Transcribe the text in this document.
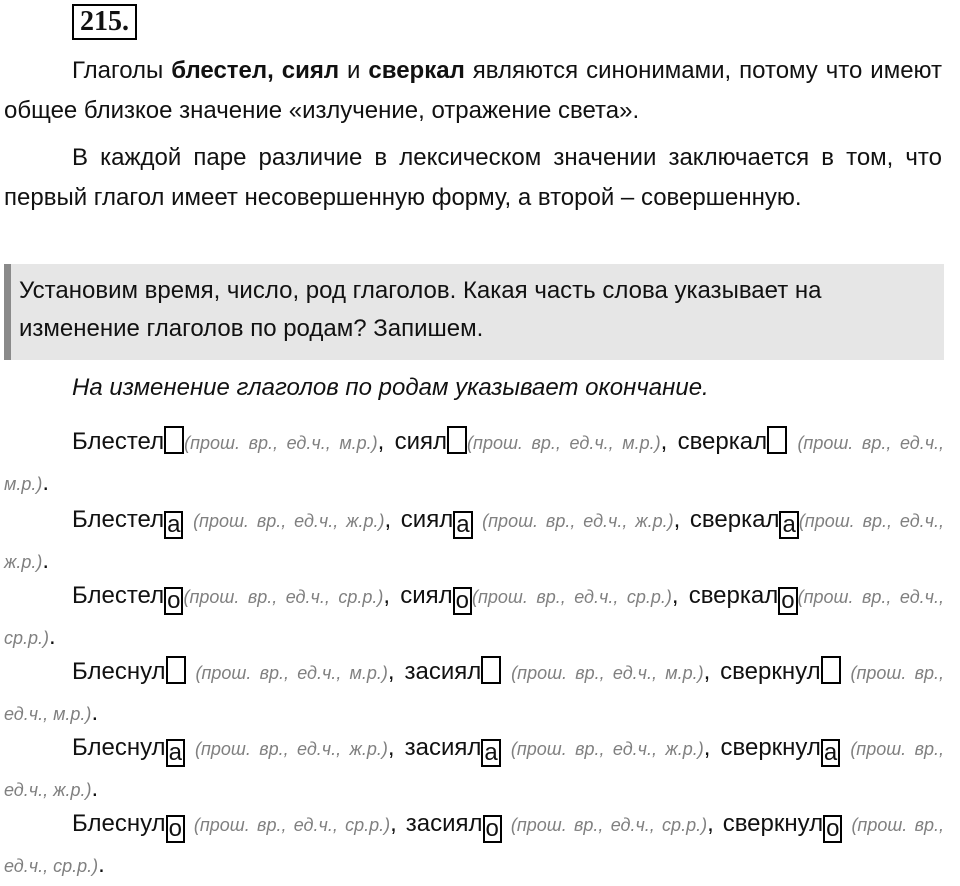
215.

Глаголы блестел, сиял и сверкал являются синонимами, потому что имеют общее близкое значение «излучение, отражение света».

В каждой паре различие в лексическом значении заключается в том, что первый глагол имеет несовершенную форму, а второй – совершенную.

Установим время, число, род глаголов. Какая часть слова указывает на изменение глаголов по родам? Запишем.
На изменение глаголов по родам указывает окончание.

Блестел (прош. вр., ед.ч., м.р.), сиял (прош. вр., ед.ч., м.р.), сверкал (прош. вр., ед.ч., м.р.).

Блестел а (прош. вр., ед.ч., ж.р.), сиял а (прош. вр., ед.ч., ж.р.), сверкал а (прош. вр., ед.ч., ж.р.).

Блестел о (прош. вр., ед.ч., ср.р.), сиял о (прош. вр., ед.ч., ср.р.), сверкал о (прош. вр., ед.ч., ср.р.).

Блеснул (прош. вр., ед.ч., м.р.), засиял (прош. вр., ед.ч., м.р.), сверкнул (прош. вр., ед.ч., м.р.).

Блеснул а (прош. вр., ед.ч., ж.р.), засиял а (прош. вр., ед.ч., ж.р.), сверкнул а (прош. вр., ед.ч., ж.р.).

Блеснул о (прош. вр., ед.ч., ср.р.), засиял о (прош. вр., ед.ч., ср.р.), сверкнул о (прош. вр., ед.ч., ср.р.).
